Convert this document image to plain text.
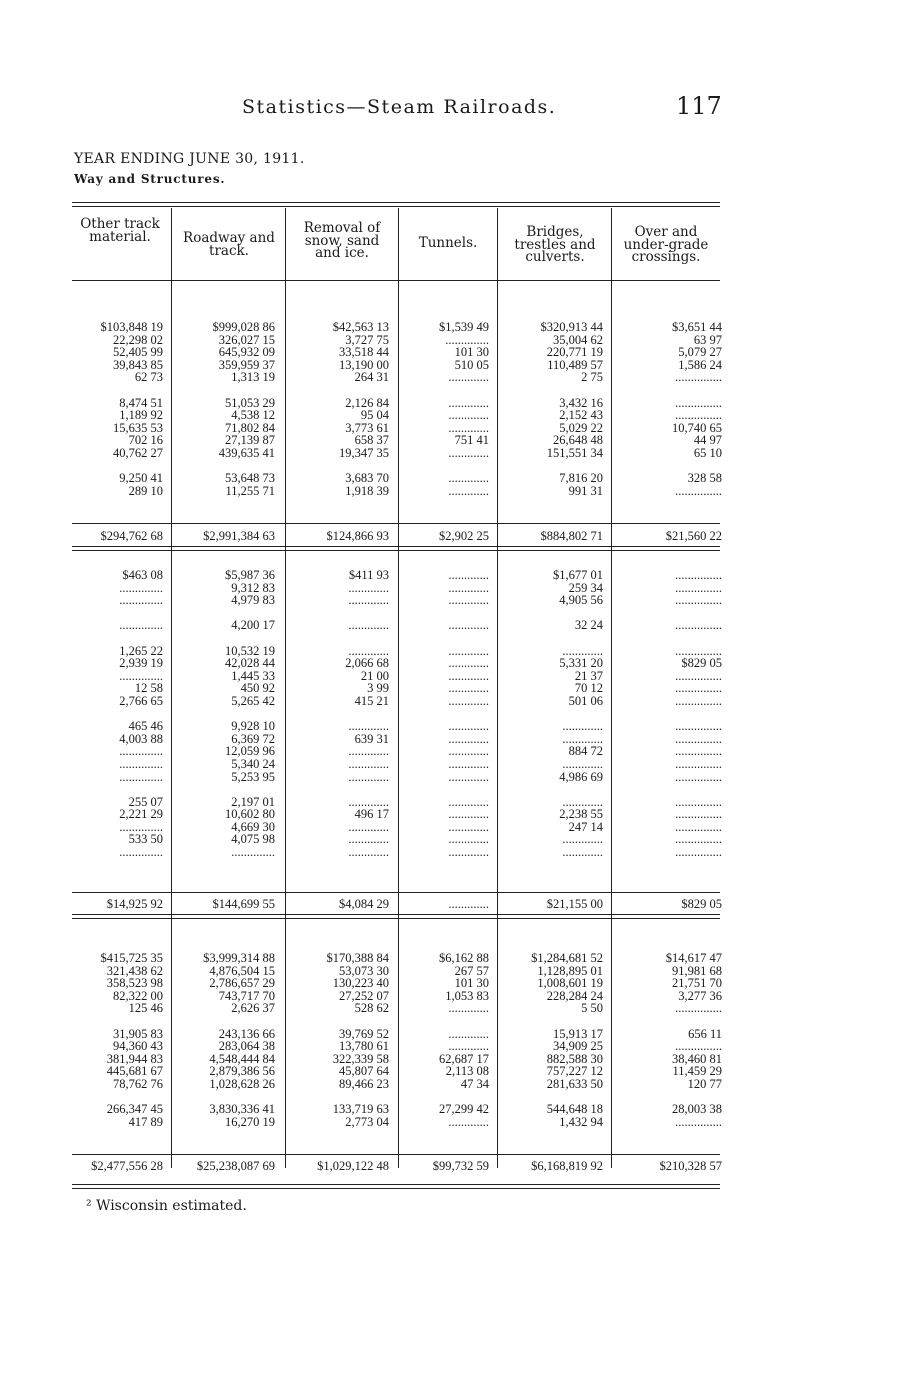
Statistics—Steam Railroads.	117
YEAR ENDING JUNE 30, 1911.
Way and Structures.
Other track material.	Roadway and track.
Removal of snow, sand and ice.
Tunnels.
Bridges, trestles and culverts.
Over and under-grade crossings.
$103,848 19
22,298 02
52,405 99
39,843 85
62 73
8,474 51
1,189 92
15,635 53
702 16
40,762 27
9,250 41
289 10
$294,762 68
$999,028 86
326,027 15
645,932 09
359,959 37
1,313 19
51,053 29
4,538 12
71,802 84
27,139 87
439,635 41
53,648 73
11,255 71
$2,991,384 63
$42,563 13
3,727 75
33,518 44
13,190 00
264 31
2,126 84
95 04
3,773 61
658 37
19,347 35
3,683 70
1,918 39
$124,866 93
$1,539 49
..............
101 30
510 05
.............
.............
.............
.............
751 41
.............
.............
.............
$2,902 25
$320,913 44
35,004 62
220,771 19
110,489 57
2 75
3,432 16
2,152 43
5,029 22
26,648 48
151,551 34
7,816 20
991 31
$884,802 71
$3,651 44
63 97
5,079 27
1,586 24
...............
...............
...............
10,740 65
44 97
65 10
328 58
...............
$21,560 22
$463 08
..............
..............
..............
1,265 22
2,939 19
..............
12 58
2,766 65
465 46
4,003 88
..............
..............
..............
255 07
2,221 29
..............
533 50
..............
$14,925 92
$5,987 36
9,312 83
4,979 83
4,200 17
10,532 19
42,028 44
1,445 33
450 92
5,265 42
9,928 10
6,369 72
12,059 96
5,340 24
5,253 95
2,197 01
10,602 80
4,669 30
4,075 98
..............
$144,699 55
$411 93
.............
.............
.............
.............
2,066 68
21 00
3 99
415 21
.............
639 31
.............
.............
.............
.............
496 17
.............
.............
.............
$4,084 29
.............
.............
.............
.............
.............
.............
.............
.............
.............
.............
.............
.............
.............
.............
.............
.............
.............
.............
.............
.............
$1,677 01
259 34
4,905 56
32 24
.............
5,331 20
21 37
70 12
501 06
.............
.............
884 72
.............
4,986 69
.............
2,238 55
247 14
.............
.............
$21,155 00
...............
...............
...............
...............
...............
$829 05
...............
...............
...............
...............
...............
...............
...............
...............
...............
...............
...............
...............
...............
$829 05
$415,725 35
321,438 62
358,523 98
82,322 00
125 46
31,905 83
94,360 43
381,944 83
445,681 67
78,762 76
266,347 45
417 89
$2,477,556 28
$3,999,314 88
4,876,504 15
2,786,657 29
743,717 70
2,626 37
243,136 66
283,064 38
4,548,444 84
2,879,386 56
1,028,628 26
3,830,336 41
16,270 19
$25,238,087 69
$170,388 84
53,073 30
130,223 40
27,252 07
528 62
39,769 52
13,780 61
322,339 58
45,807 64
89,466 23
133,719 63
2,773 04
$1,029,122 48
$6,162 88
267 57
101 30
1,053 83
.............
.............
.............
62,687 17
2,113 08
47 34
27,299 42
.............
$99,732 59
$1,284,681 52
1,128,895 01
1,008,601 19
228,284 24
5 50
15,913 17
34,909 25
882,588 30
757,227 12
281,633 50
544,648 18
1,432 94
$6,168,819 92
$14,617 47
91,981 68
21,751 70
3,277 36
...............
656 11
...............
38,460 81
11,459 29
120 77
28,003 38
...............
$210,328 57
² Wisconsin estimated.
